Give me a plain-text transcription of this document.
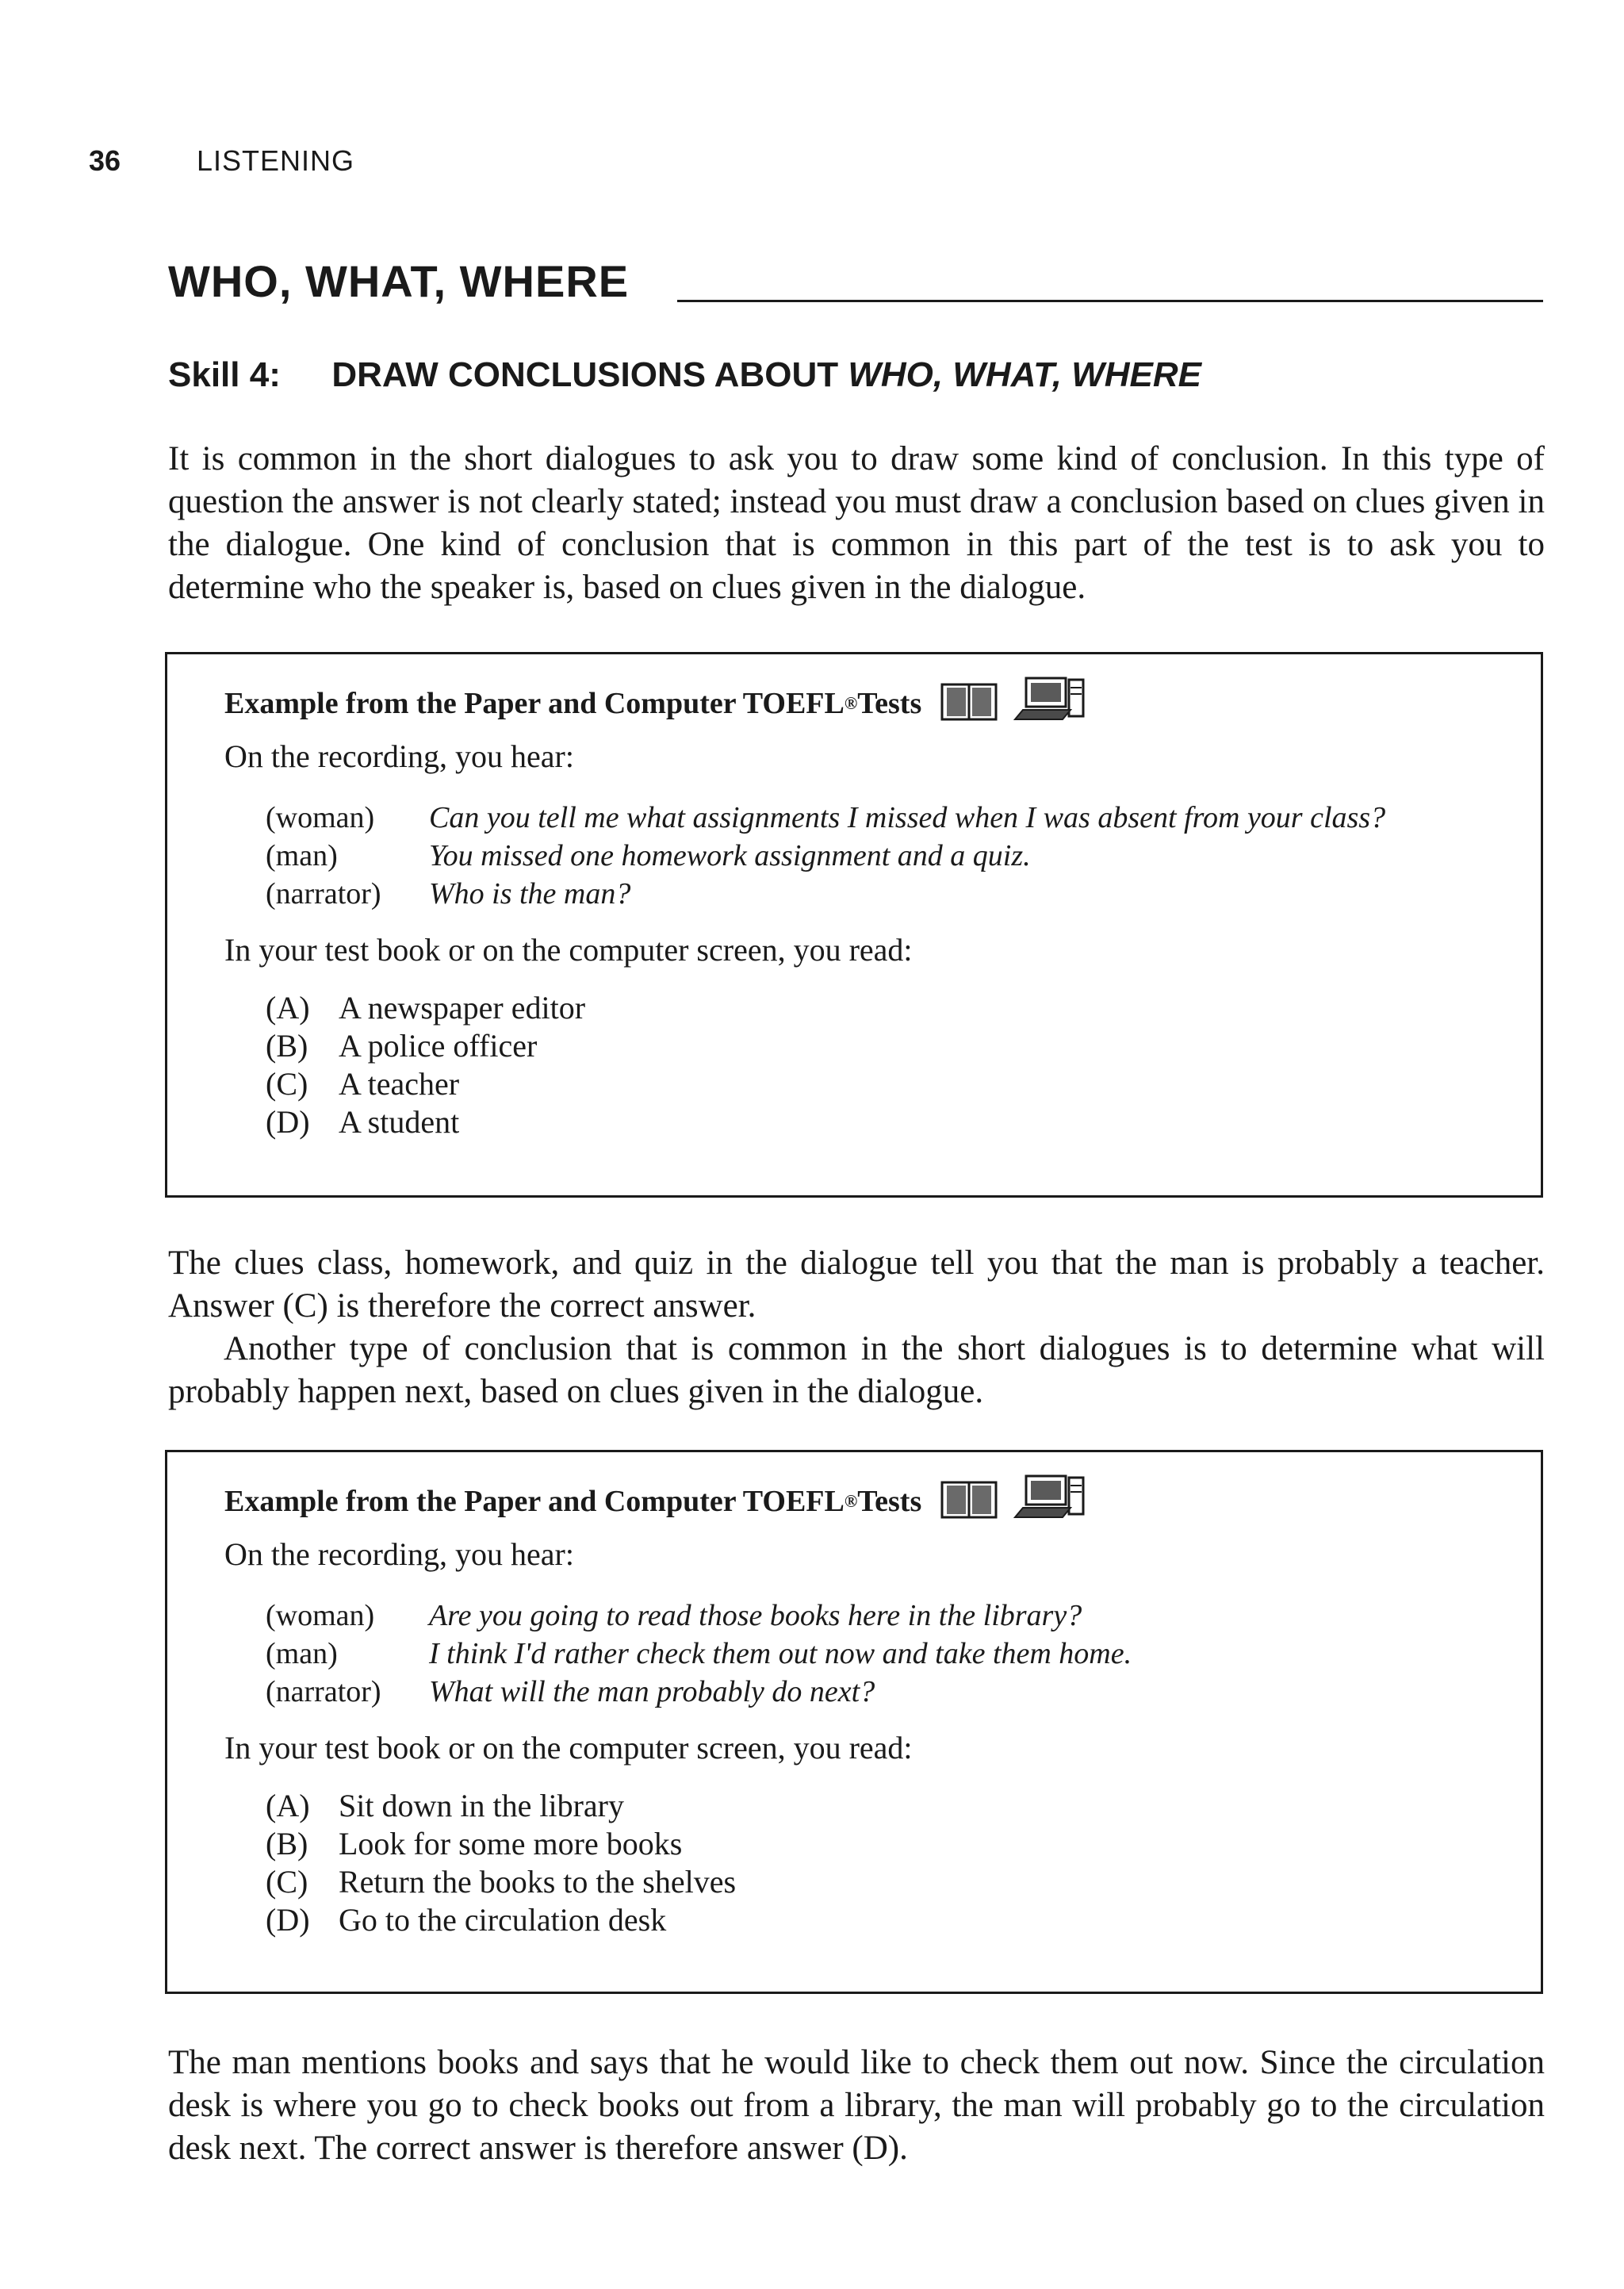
36	LISTENING
WHO, WHAT, WHERE
Skill 4: DRAW CONCLUSIONS ABOUT WHO, WHAT, WHERE

It is common in the short dialogues to ask you to draw some kind of conclusion. In this type of question the answer is not clearly stated; instead you must draw a conclusion based on clues given in the dialogue. One kind of conclusion that is common in this part of the test is to ask you to determine who the speaker is, based on clues given in the dialogue.

Example from the Paper and Computer TOEFL ® Tests
On the recording, you hear:
(woman)	Can you tell me what assignments I missed when I was absent from your class?
(man)	You missed one homework assignment and a quiz.
(narrator)	Who is the man?
In your test book or on the computer screen, you read:
(A) A newspaper editor
(B) A police officer
(C) A teacher
(D) A student

The clues class, homework, and quiz in the dialogue tell you that the man is probably a teacher. Answer (C) is therefore the correct answer.

Another type of conclusion that is common in the short dialogues is to determine what will probably happen next, based on clues given in the dialogue.

Example from the Paper and Computer TOEFL ® Tests
On the recording, you hear:
(woman)	Are you going to read those books here in the library?
(man)	I think I'd rather check them out now and take them home.
(narrator)	What will the man probably do next?
In your test book or on the computer screen, you read:
(A) Sit down in the library
(B) Look for some more books
(C) Return the books to the shelves
(D) Go to the circulation desk

The man mentions books and says that he would like to check them out now. Since the circulation desk is where you go to check books out from a library, the man will probably go to the circulation desk next. The correct answer is therefore answer (D).
